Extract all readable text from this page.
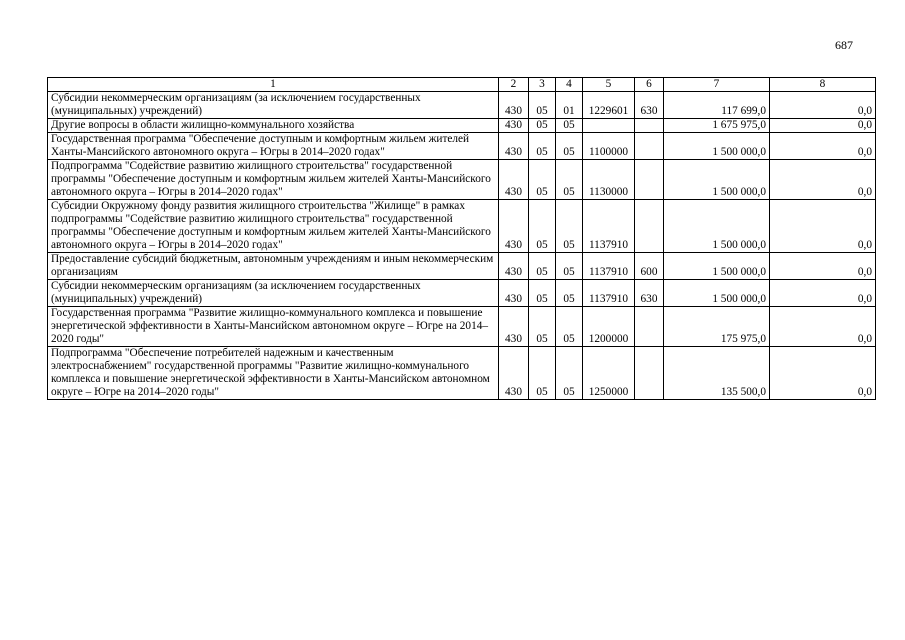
687
1	2	3	4	5	6	7	8
Субсидии некоммерческим организациям (за исключением государственных (муниципальных) учреждений)	430	05	01	1229601	630	117 699,0	0,0
Другие вопросы в области жилищно-коммунального хозяйства	430	05	05			1 675 975,0	0,0
Государственная программа "Обеспечение доступным и комфортным жильем жителей Ханты-Мансийского автономного округа – Югры в 2014–2020 годах"	430	05	05	1100000		1 500 000,0	0,0
Подпрограмма "Содействие развитию жилищного строительства" государственной программы "Обеспечение доступным и комфортным жильем жителей Ханты-Мансийского автономного округа – Югры в 2014–2020 годах"	430	05	05	1130000		1 500 000,0	0,0
Субсидии Окружному фонду развития жилищного строительства "Жилище" в рамках подпрограммы "Содействие развитию жилищного строительства" государственной программы "Обеспечение доступным и комфортным жильем жителей Ханты-Мансийского автономного округа – Югры в 2014–2020 годах"	430	05	05	1137910		1 500 000,0	0,0
Предоставление субсидий бюджетным, автономным учреждениям и иным некоммерческим организациям	430	05	05	1137910	600	1 500 000,0	0,0
Субсидии некоммерческим организациям (за исключением государственных (муниципальных) учреждений)	430	05	05	1137910	630	1 500 000,0	0,0
Государственная программа "Развитие жилищно-коммунального комплекса и повышение энергетической эффективности в Ханты-Мансийском автономном округе – Югре на 2014–2020 годы"	430	05	05	1200000		175 975,0	0,0
Подпрограмма "Обеспечение потребителей надежным и качественным электроснабжением" государственной программы "Развитие жилищно-коммунального комплекса и повышение энергетической эффективности в Ханты-Мансийском автономном округе – Югре на 2014–2020 годы"	430	05	05	1250000		135 500,0	0,0
